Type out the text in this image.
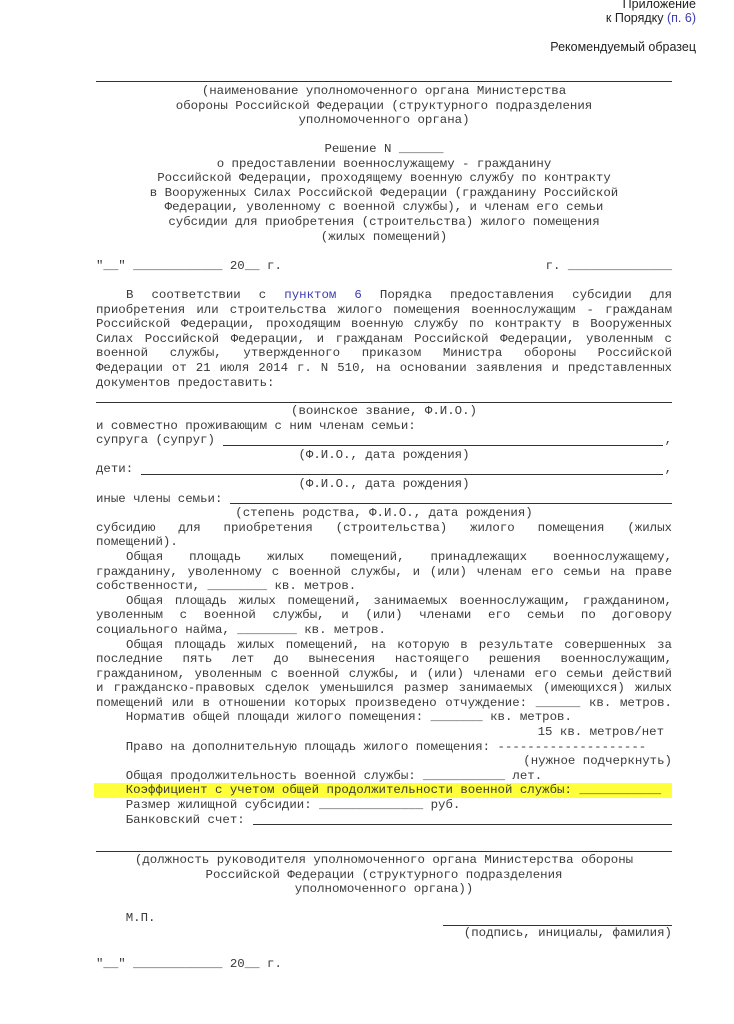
Приложение
к Порядку (п. 6)
Рекомендуемый образец
(наименование уполномоченного органа Министерства
обороны Российской Федерации (структурного подразделения
уполномоченного органа)
Решение N ______
о предоставлении военнослужащему - гражданину
Российской Федерации, проходящему военную службу по контракту
в Вооруженных Силах Российской Федерации (гражданину Российской
Федерации, уволенному с военной службы), и членам его семьи
субсидии для приобретения (строительства) жилого помещения
(жилых помещений)
"__" ____________ 20__ г.	г. ______________
В соответствии с пунктом 6 Порядка предоставления субсидии для
приобретения или строительства жилого помещения военнослужащим - гражданам
Российской Федерации, проходящим военную службу по контракту в Вооруженных
Силах Российской Федерации, и гражданам Российской Федерации, уволенным с
военной службы, утвержденного приказом Министра обороны Российской
Федерации от 21 июля 2014 г. N 510, на основании заявления и представленных
документов предоставить:
(воинское звание, Ф.И.О.)
и совместно проживающим с ним членам семьи:
супруга (супруг)	,
(Ф.И.О., дата рождения)
дети:	,
(Ф.И.О., дата рождения)
иные члены семьи:
(степень родства, Ф.И.О., дата рождения)
субсидию для приобретения (строительства) жилого помещения (жилых
помещений).
Общая площадь жилых помещений, принадлежащих военнослужащему,
гражданину, уволенному с военной службы, и (или) членам его семьи на праве
собственности, ________ кв. метров.
Общая площадь жилых помещений, занимаемых военнослужащим, гражданином,
уволенным с военной службы, и (или) членами его семьи по договору
социального найма, ________ кв. метров.
Общая площадь жилых помещений, на которую в результате совершенных за
последние пять лет до вынесения настоящего решения военнослужащим,
гражданином, уволенным с военной службы, и (или) членами его семьи действий
и гражданско-правовых сделок уменьшился размер занимаемых (имеющихся) жилых
помещений или в отношении которых произведено отчуждение: ______ кв. метров.
Норматив общей площади жилого помещения: _______ кв. метров.
15 кв. метров/нет
Право на дополнительную площадь жилого помещения: --------------------
(нужное подчеркнуть)
Общая продолжительность военной службы: ___________ лет.
Коэффициент с учетом общей продолжительности военной службы: ___________
Размер жилищной субсидии: ______________ руб.
Банковский счет:
(должность руководителя уполномоченного органа Министерства обороны
Российской Федерации (структурного подразделения
уполномоченного органа))
М.П.
(подпись, инициалы, фамилия)
"__" ____________ 20__ г.
